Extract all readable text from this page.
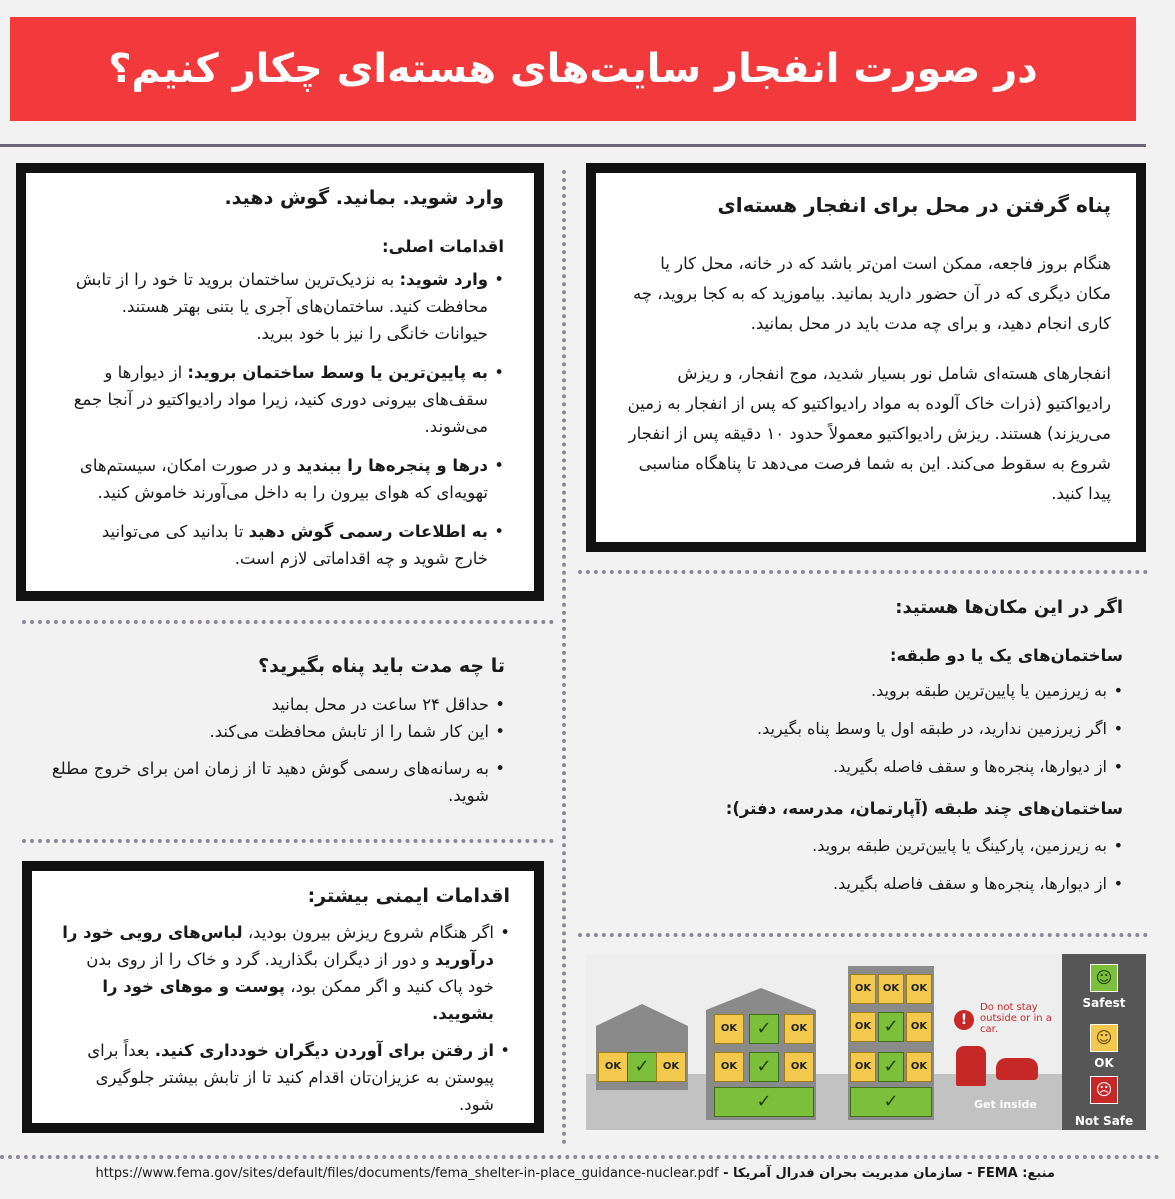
در صورت انفجار سایت‌های هسته‌ای چکار کنیم؟
پناه گرفتن در محل برای انفجار هسته‌ای

هنگام بروز فاجعه، ممکن است امن‌تر باشد که در خانه، محل کار یا مکان دیگری که در آن حضور دارید بمانید. بیاموزید که به کجا بروید، چه کاری انجام دهید، و برای چه مدت باید در محل بمانید.

انفجارهای هسته‌ای شامل نور بسیار شدید، موج انفجار، و ریزش رادیواکتیو (ذرات خاک آلوده به مواد رادیواکتیو که پس از انفجار به زمین می‌ریزند) هستند. ریزش رادیواکتیو معمولاً حدود ۱۰ دقیقه پس از انفجار شروع به سقوط می‌کند. این به شما فرصت می‌دهد تا پناهگاه مناسبی پیدا کنید.

وارد شوید. بمانید. گوش دهید.
اقدامات اصلی:
• وارد شوید: به نزدیک‌ترین ساختمان بروید تا خود را از تابش محافظت کنید. ساختمان‌های آجری یا بتنی بهتر هستند. حیوانات خانگی را نیز با خود ببرید.
• به پایین‌ترین یا وسط ساختمان بروید: از دیوارها و سقف‌های بیرونی دوری کنید، زیرا مواد رادیواکتیو در آنجا جمع می‌شوند.
• درها و پنجره‌ها را ببندید و در صورت امکان، سیستم‌های تهویه‌ای که هوای بیرون را به داخل می‌آورند خاموش کنید.
• به اطلاعات رسمی گوش دهید تا بدانید کی می‌توانید خارج شوید و چه اقداماتی لازم است.
تا چه مدت باید پناه بگیرید؟
• حداقل ۲۴ ساعت در محل بمانید
• این کار شما را از تابش محافظت می‌کند.
• به رسانه‌های رسمی گوش دهید تا از زمان امن برای خروج مطلع شوید.
اقدامات ایمنی بیشتر:
• اگر هنگام شروع ریزش بیرون بودید، لباس‌های رویی خود را درآورید و دور از دیگران بگذارید. گرد و خاک را از روی بدن خود پاک کنید و اگر ممکن بود، پوست و موهای خود را بشویید.
• از رفتن برای آوردن دیگران خودداری کنید. بعداً برای پیوستن به عزیزان‌تان اقدام کنید تا از تابش بیشتر جلوگیری شود.
اگر در این مکان‌ها هستید:
ساختمان‌های یک یا دو طبقه:
• به زیرزمین یا پایین‌ترین طبقه بروید.
• اگر زیرزمین ندارید، در طبقه اول یا وسط پناه بگیرید.
• از دیوارها، پنجره‌ها و سقف فاصله بگیرید.
ساختمان‌های چند طبقه (آپارتمان، مدرسه، دفتر):
• به زیرزمین، پارکینگ یا پایین‌ترین طبقه بروید.
• از دیوارها، پنجره‌ها و سقف فاصله بگیرید.
OK ✓	OK
OK	✓	OK
OK	✓	OK
✓
OK	OK	OK
OK ✓	OK
OK ✓	OK
✓
!
Do not stay outside or in a car.
Get inside
☺
Safest
☺
OK
☹
Not Safe
منبع: FEMA - سازمان مدیریت بحران فدرال آمریکا - https://www.fema.gov/sites/default/files/documents/fema_shelter-in-place_guidance-nuclear.pdf
